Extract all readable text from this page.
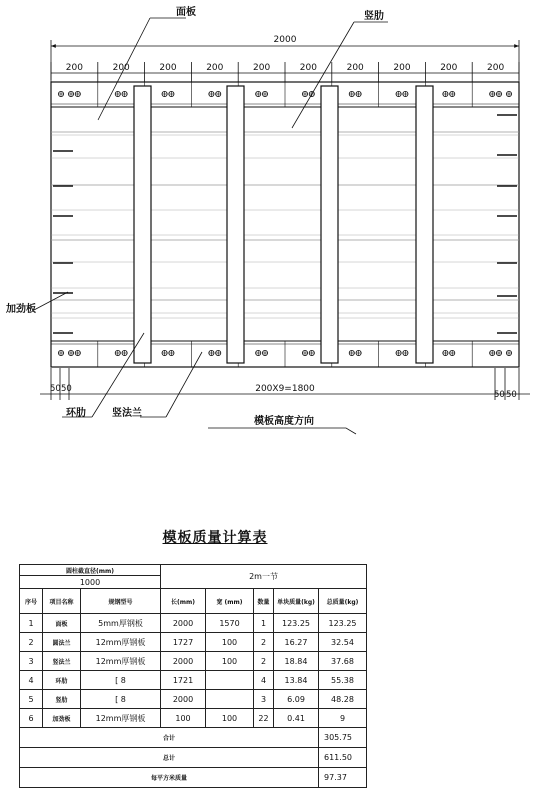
2000
200	200	200	200	200	200	200	200	200	200
面板	竖肋
加劲板
环肋	竖法兰
50 50
50 50
200X9=1800
模板高度方向
模板质量计算表
圆柱截直径(mm)			2m一节				
1000							
序号	项目名称	规钢型号	长(mm)	宽 (mm)	数量	单块质量(kg)	总质量(kg)
1	面板	5mm厚钢板	2000	1570	1	123.25	123.25
2	圆法兰	12mm厚钢板	1727	100	2	16.27	32.54
3	竖法兰	12mm厚钢板	2000	100	2	18.84	37.68
4	环肋	[ 8	1721		4	13.84	55.38
5	竖肋	[ 8	2000		3	6.09	48.28
6	加劲板	12mm厚钢板	100	100	22	0.41	9
合计							305.75
总计							611.50
每平方米质量							97.37
